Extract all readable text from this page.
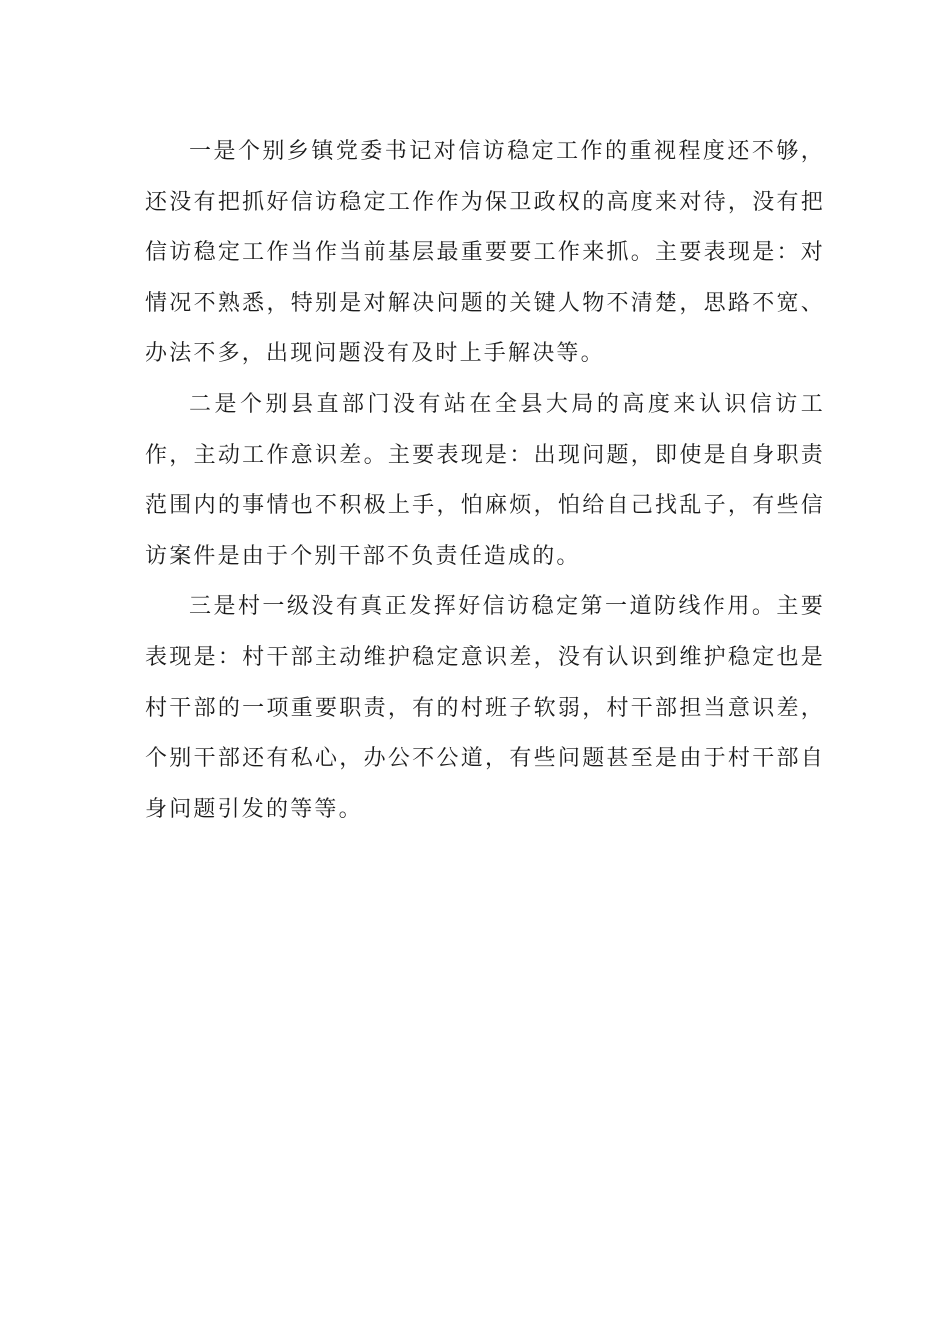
一是个别乡镇党委书记对信访稳定工作的重视程度还不够，还没有把抓好信访稳定工作作为保卫政权的高度来对待，没有把信访稳定工作当作当前基层最重要要工作来抓。主要表现是：对情况不熟悉，特别是对解决问题的关键人物不清楚，思路不宽、办法不多，出现问题没有及时上手解决等。

二是个别县直部门没有站在全县大局的高度来认识信访工作，主动工作意识差。主要表现是：出现问题，即使是自身职责范围内的事情也不积极上手，怕麻烦，怕给自己找乱子，有些信访案件是由于个别干部不负责任造成的。

三是村一级没有真正发挥好信访稳定第一道防线作用。主要表现是：村干部主动维护稳定意识差，没有认识到维护稳定也是村干部的一项重要职责，有的村班子软弱，村干部担当意识差，个别干部还有私心，办公不公道，有些问题甚至是由于村干部自身问题引发的等等。
